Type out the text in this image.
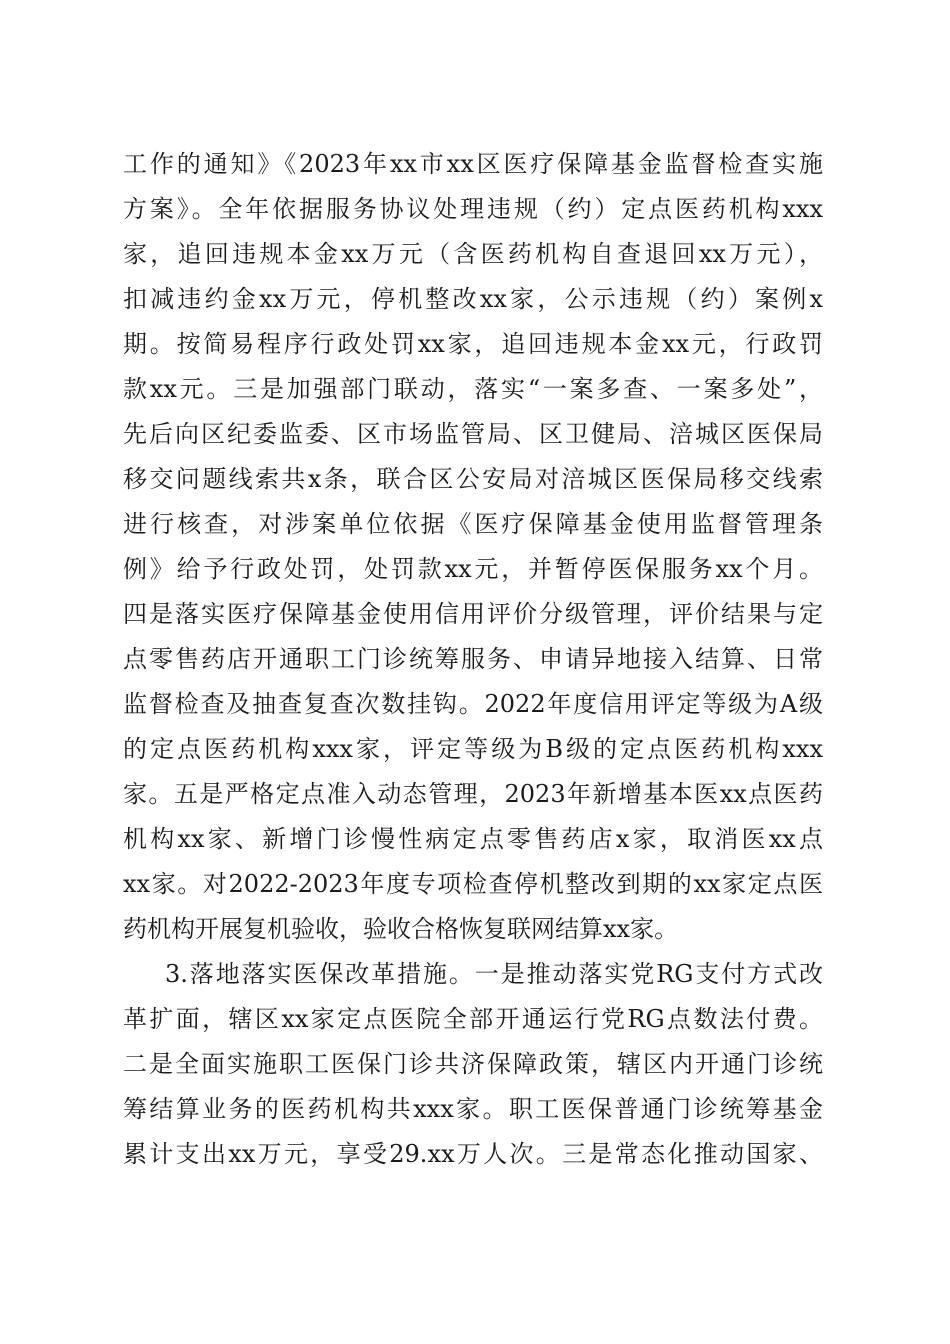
工作的通知》《2023年xx市xx区医疗保障基金监督检查实施
方案》。全年依据服务协议处理违规（约）定点医药机构xxx
家，追回违规本金xx万元（含医药机构自查退回xx万元），
扣减违约金xx万元，停机整改xx家，公示违规（约）案例x
期。按简易程序行政处罚xx家，追回违规本金xx元，行政罚
款xx元。三是加强部门联动，落实“一案多查、一案多处”，
先后向区纪委监委、区市场监管局、区卫健局、涪城区医保局
移交问题线索共x条，联合区公安局对涪城区医保局移交线索
进行核查，对涉案单位依据《医疗保障基金使用监督管理条
例》给予行政处罚，处罚款xx元，并暂停医保服务xx个月。
四是落实医疗保障基金使用信用评价分级管理，评价结果与定
点零售药店开通职工门诊统筹服务、申请异地接入结算、日常
监督检查及抽查复查次数挂钩。2022年度信用评定等级为A级
的定点医药机构xxx家，评定等级为B级的定点医药机构xxx
家。五是严格定点准入动态管理，2023年新增基本医xx点医药
机构xx家、新增门诊慢性病定点零售药店x家，取消医xx点
xx家。对2022-2023年度专项检查停机整改到期的xx家定点医
药机构开展复机验收，验收合格恢复联网结算xx家。
3.落地落实医保改革措施。一是推动落实党RG支付方式改
革扩面，辖区xx家定点医院全部开通运行党RG点数法付费。
二是全面实施职工医保门诊共济保障政策，辖区内开通门诊统
筹结算业务的医药机构共xxx家。职工医保普通门诊统筹基金
累计支出xx万元，享受29.xx万人次。三是常态化推动国家、
